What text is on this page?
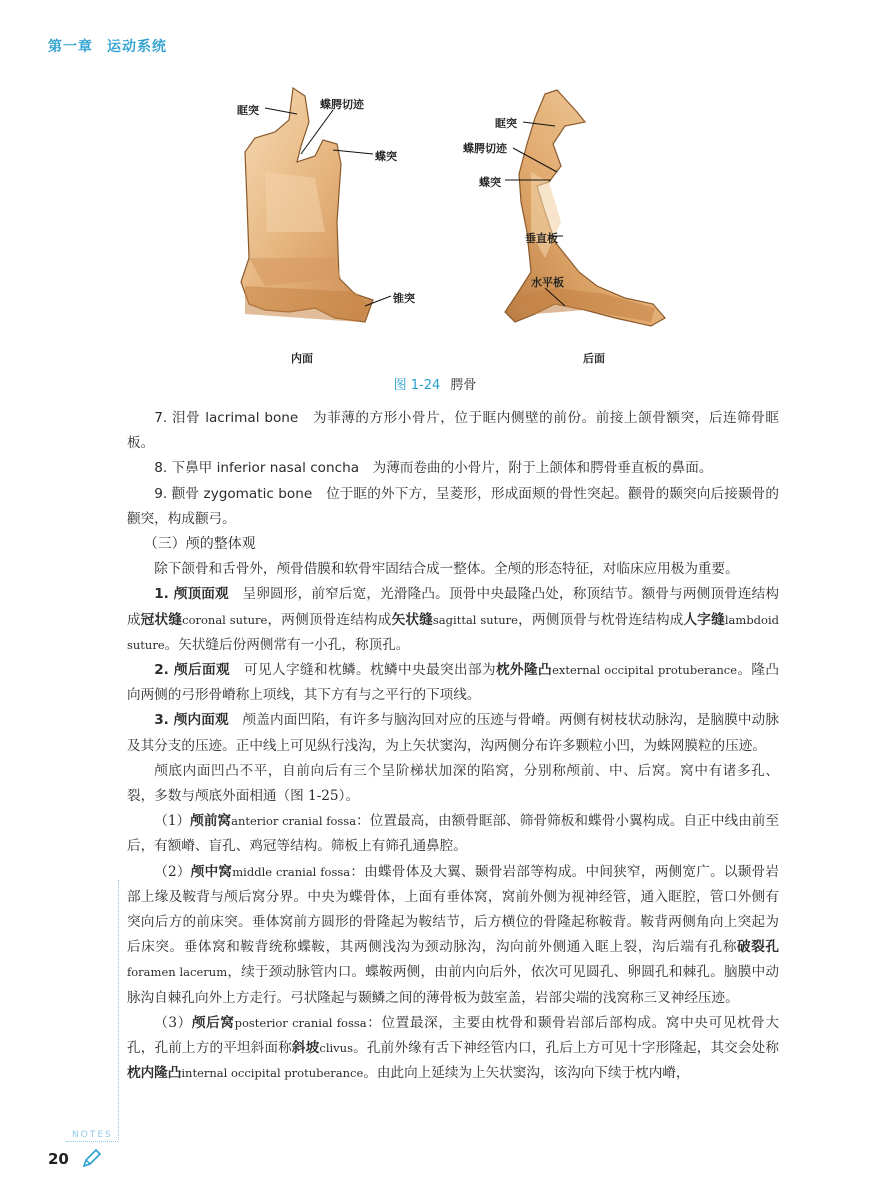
第一章 运动系统
眶突	蝶腭切迹
蝶突
锥突
内面
眶突
蝶腭切迹
蝶突
垂直板
水平板
后面
图 1-24 腭骨

7. 泪骨 lacrimal bone　 为菲薄的方形小骨片，位于眶内侧壁的前份。前接上颌骨额突，后连筛骨眶板。

8. 下鼻甲 inferior nasal concha　 为薄而卷曲的小骨片，附于上颌体和腭骨垂直板的鼻面。

9. 颧骨 zygomatic bone　 位于眶的外下方，呈菱形，形成面颊的骨性突起。颧骨的颞突向后接颞骨的颧突，构成颧弓。

（三）颅的整体观

除下颌骨和舌骨外，颅骨借膜和软骨牢固结合成一整体。全颅的形态特征，对临床应用极为重要。

1. 颅顶面观　 呈卵圆形，前窄后宽，光滑隆凸。顶骨中央最隆凸处，称顶结节。额骨与两侧顶骨连结构成冠状缝coronal suture，两侧顶骨连结构成矢状缝sagittal suture，两侧顶骨与枕骨连结构成人字缝lambdoid suture。矢状缝后份两侧常有一小孔，称顶孔。

2. 颅后面观　 可见人字缝和枕鳞。枕鳞中央最突出部为枕外隆凸external occipital protuberance。隆凸向两侧的弓形骨嵴称上项线，其下方有与之平行的下项线。

3. 颅内面观　 颅盖内面凹陷，有许多与脑沟回对应的压迹与骨嵴。两侧有树枝状动脉沟，是脑膜中动脉及其分支的压迹。正中线上可见纵行浅沟，为上矢状窦沟，沟两侧分布许多颗粒小凹，为蛛网膜粒的压迹。

颅底内面凹凸不平，自前向后有三个呈阶梯状加深的陷窝，分别称颅前、中、后窝。窝中有诸多孔、裂，多数与颅底外面相通（图 1-25）。

（1）颅前窝anterior cranial fossa：位置最高，由额骨眶部、筛骨筛板和蝶骨小翼构成。自正中线由前至后，有额嵴、盲孔、鸡冠等结构。筛板上有筛孔通鼻腔。

（2）颅中窝middle cranial fossa：由蝶骨体及大翼、颞骨岩部等构成。中间狭窄，两侧宽广。以颞骨岩部上缘及鞍背与颅后窝分界。中央为蝶骨体，上面有垂体窝，窝前外侧为视神经管，通入眶腔，管口外侧有突向后方的前床突。垂体窝前方圆形的骨隆起为鞍结节，后方横位的骨隆起称鞍背。鞍背两侧角向上突起为后床突。垂体窝和鞍背统称蝶鞍，其两侧浅沟为颈动脉沟，沟向前外侧通入眶上裂，沟后端有孔称破裂孔foramen lacerum，续于颈动脉管内口。蝶鞍两侧，由前内向后外，依次可见圆孔、卵圆孔和棘孔。脑膜中动脉沟自棘孔向外上方走行。弓状隆起与颞鳞之间的薄骨板为鼓室盖，岩部尖端的浅窝称三叉神经压迹。

（3）颅后窝posterior cranial fossa：位置最深，主要由枕骨和颞骨岩部后部构成。窝中央可见枕骨大孔，孔前上方的平坦斜面称斜坡clivus。孔前外缘有舌下神经管内口，孔后上方可见十字形隆起，其交会处称枕内隆凸internal occipital protuberance。由此向上延续为上矢状窦沟，该沟向下续于枕内嵴，

NOTES
20
